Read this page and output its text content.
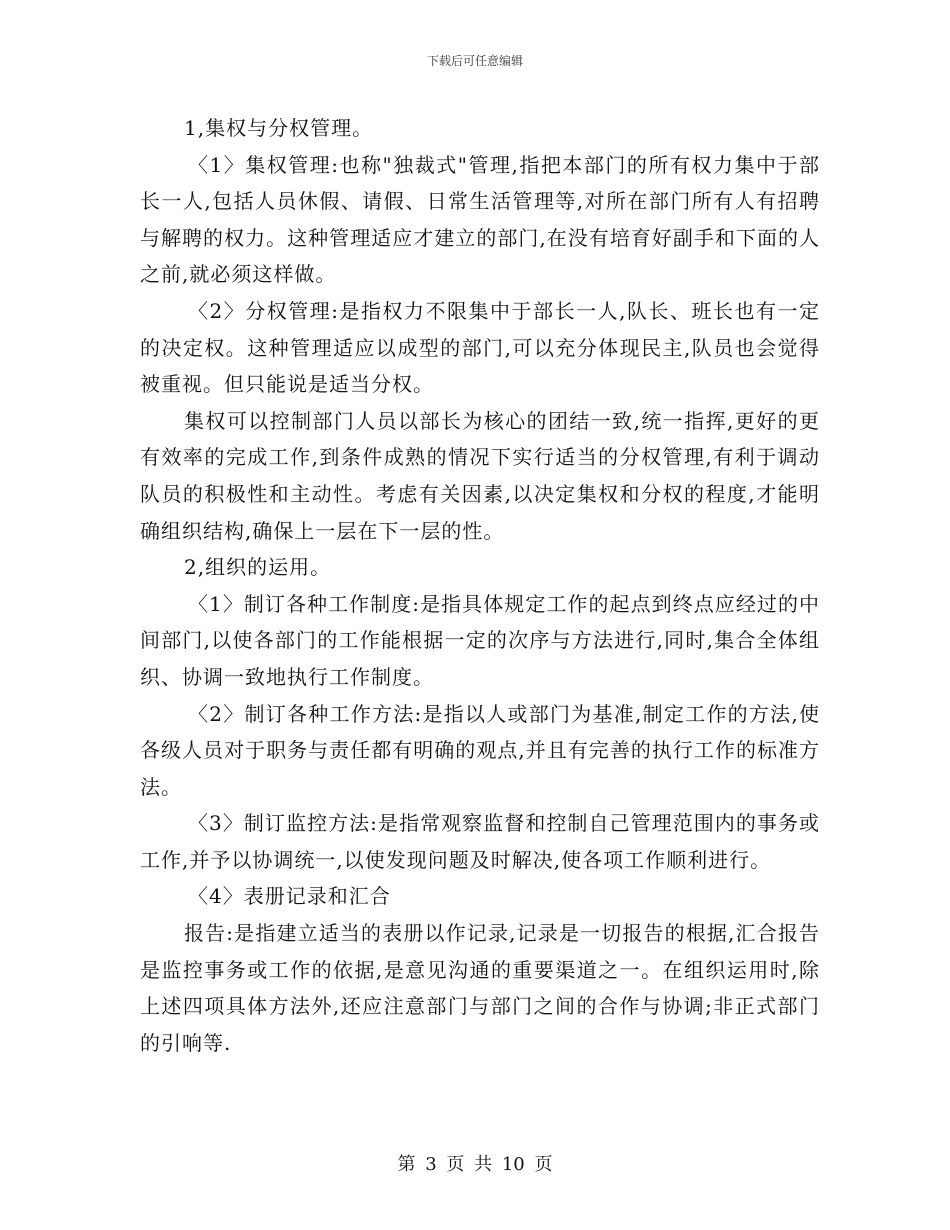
下载后可任意编辑

1,集权与分权管理。

〈1〉集权管理:也称"独裁式"管理,指把本部门的所有权力集中于部长一人,包括人员休假、请假、日常生活管理等,对所在部门所有人有招聘与解聘的权力。这种管理适应才建立的部门,在没有培育好副手和下面的人之前,就必须这样做。

〈2〉分权管理:是指权力不限集中于部长一人,队长、班长也有一定的决定权。这种管理适应以成型的部门,可以充分体现民主,队员也会觉得被重视。但只能说是适当分权。

集权可以控制部门人员以部长为核心的团结一致,统一指挥,更好的更有效率的完成工作,到条件成熟的情况下实行适当的分权管理,有利于调动队员的积极性和主动性。考虑有关因素,以决定集权和分权的程度,才能明确组织结构,确保上一层在下一层的性。

2,组织的运用。

〈1〉制订各种工作制度:是指具体规定工作的起点到终点应经过的中间部门,以使各部门的工作能根据一定的次序与方法进行,同时,集合全体组织、协调一致地执行工作制度。

〈2〉制订各种工作方法:是指以人或部门为基准,制定工作的方法,使各级人员对于职务与责任都有明确的观点,并且有完善的执行工作的标准方法。

〈3〉制订监控方法:是指常观察监督和控制自己管理范围内的事务或工作,并予以协调统一,以使发现问题及时解决,使各项工作顺利进行。

〈4〉表册记录和汇合

报告:是指建立适当的表册以作记录,记录是一切报告的根据,汇合报告是监控事务或工作的依据,是意见沟通的重要渠道之一。在组织运用时,除上述四项具体方法外,还应注意部门与部门之间的合作与协调;非正式部门的引响等.

第 3 页 共 10 页
